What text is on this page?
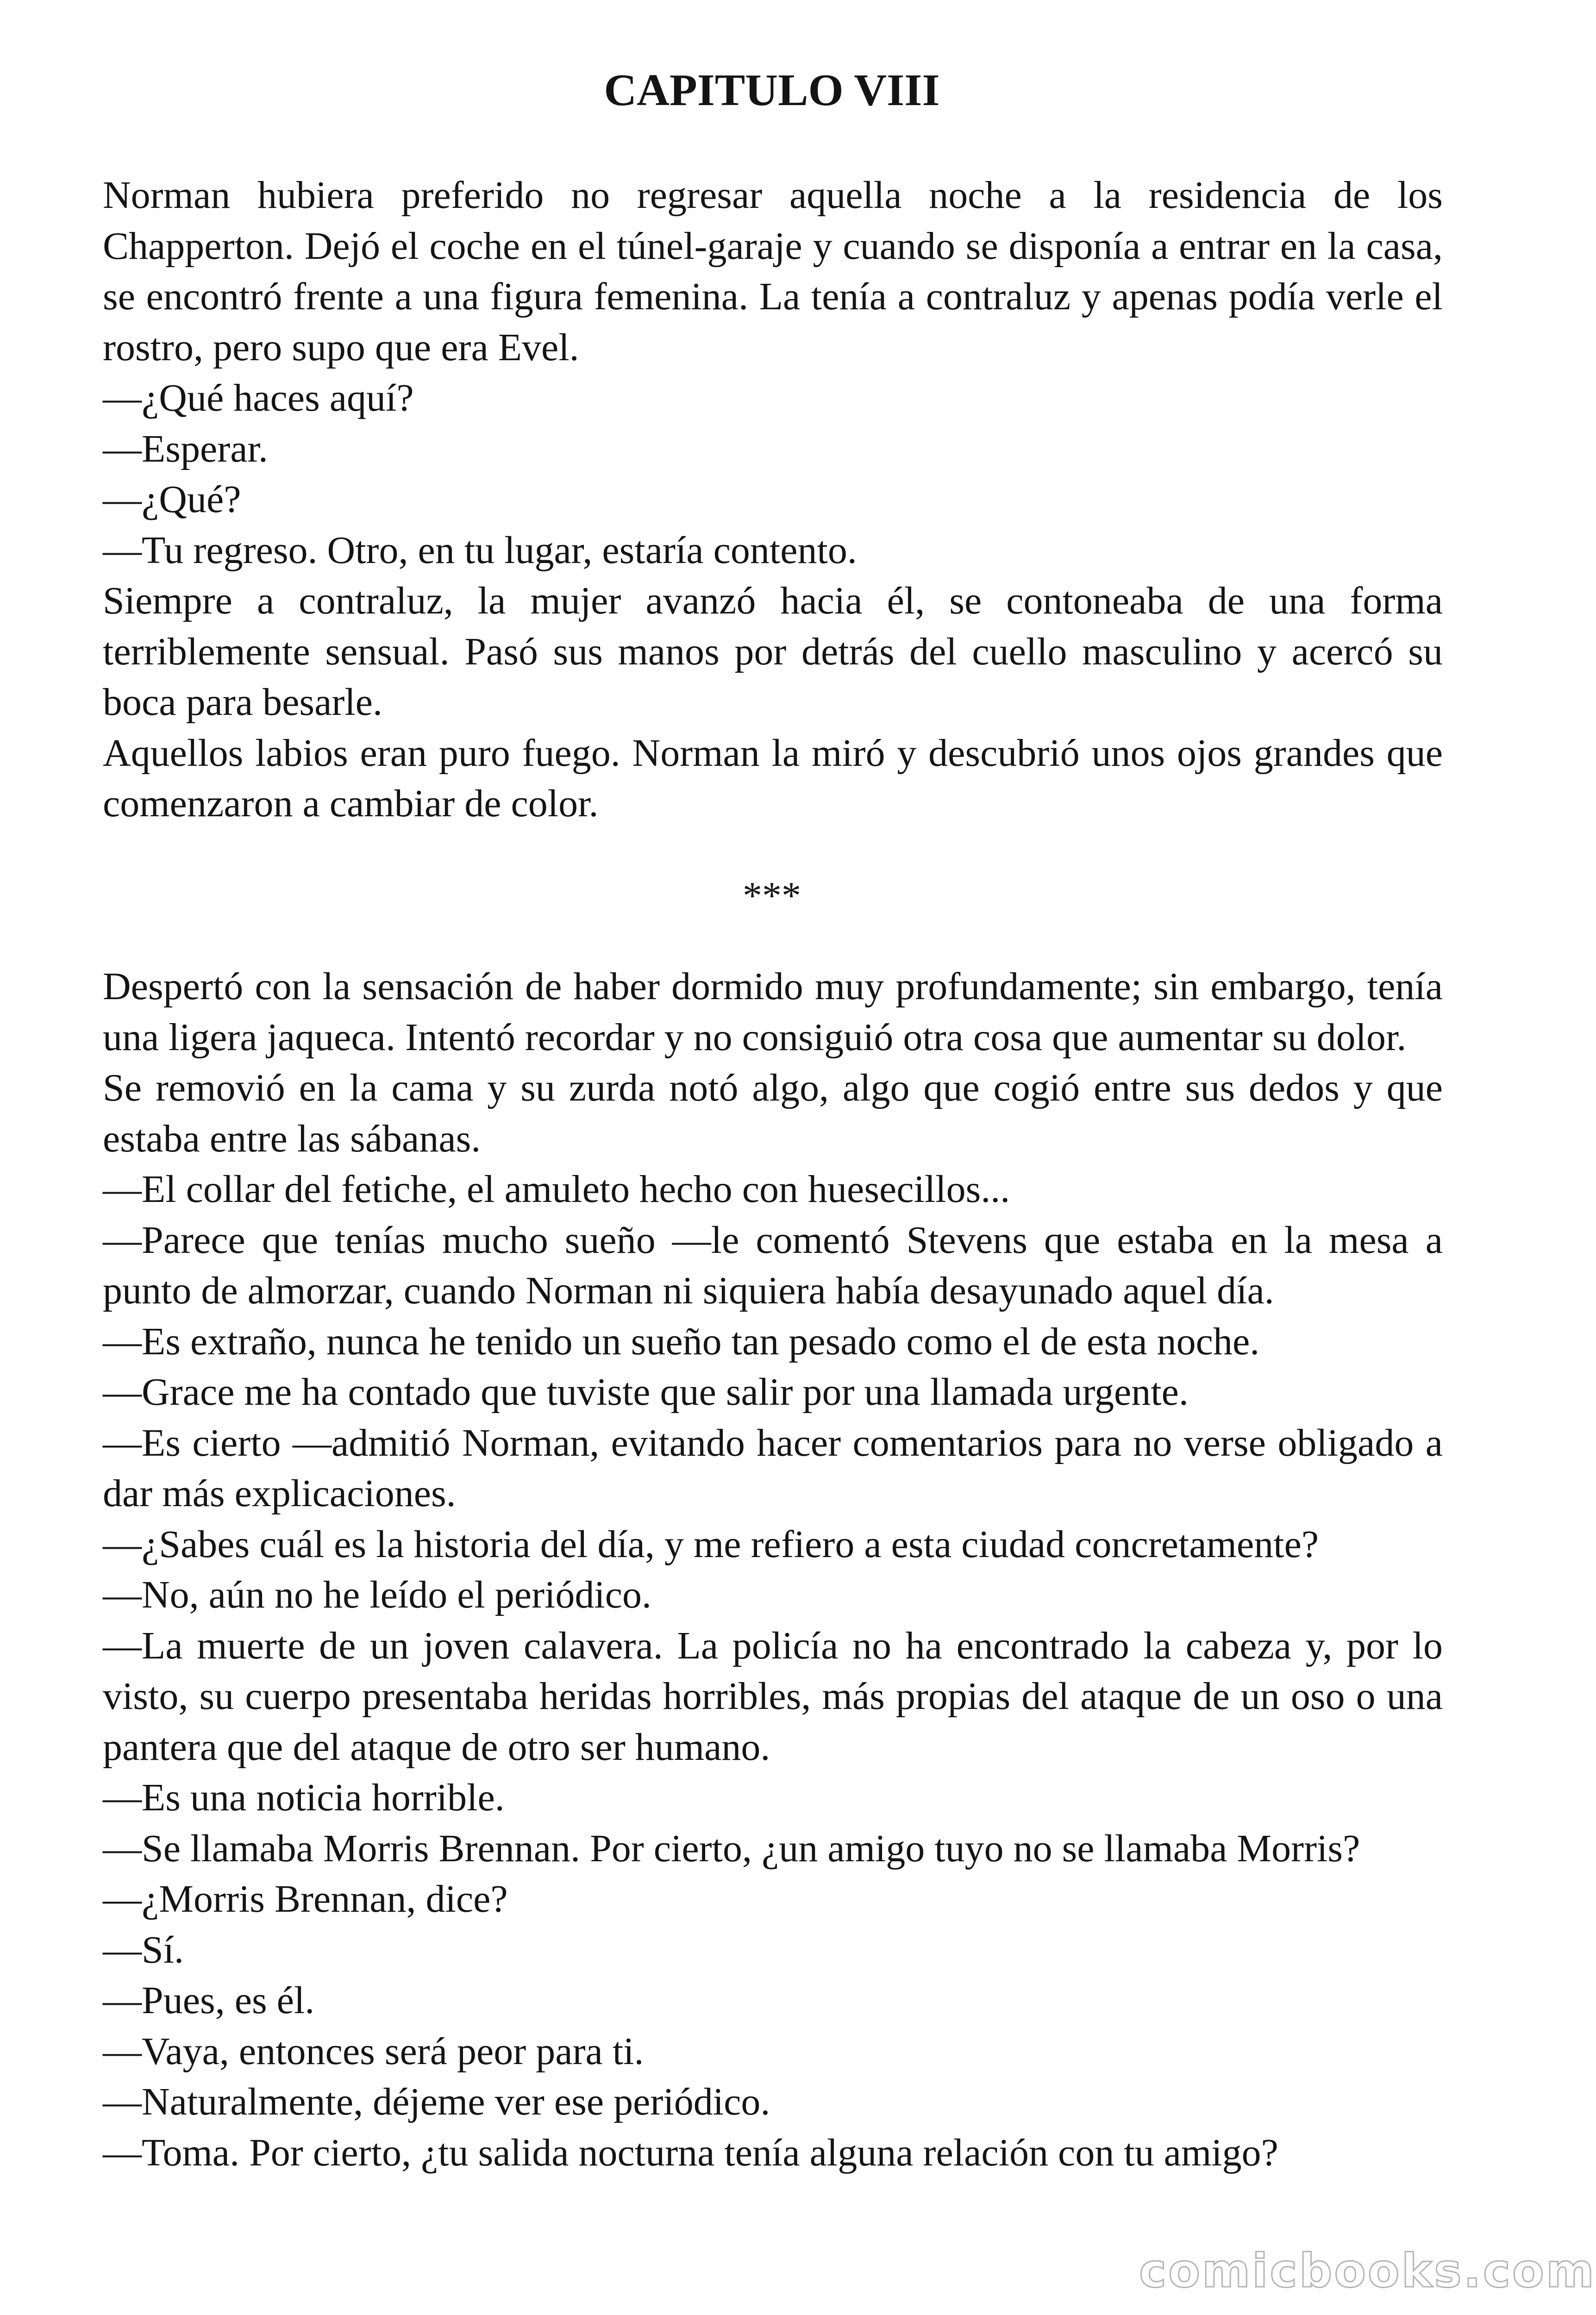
CAPITULO VIII

Norman hubiera preferido no regresar aquella noche a la residencia de los Chapperton. Dejó el coche en el túnel-garaje y cuando se disponía a entrar en la casa, se encontró frente a una figura femenina. La tenía a contraluz y apenas podía verle el rostro, pero supo que era Evel.

—¿Qué haces aquí?

—Esperar.

—¿Qué?

—Tu regreso. Otro, en tu lugar, estaría contento.

Siempre a contraluz, la mujer avanzó hacia él, se contoneaba de una forma terriblemente sensual. Pasó sus manos por detrás del cuello masculino y acercó su boca para besarle.

Aquellos labios eran puro fuego. Norman la miró y descubrió unos ojos grandes que comenzaron a cambiar de color.

***

Despertó con la sensación de haber dormido muy profundamente; sin embargo, tenía una ligera jaqueca. Intentó recordar y no consiguió otra cosa que aumentar su dolor.

Se removió en la cama y su zurda notó algo, algo que cogió entre sus dedos y que estaba entre las sábanas.

—El collar del fetiche, el amuleto hecho con huesecillos...

—Parece que tenías mucho sueño —le comentó Stevens que estaba en la mesa a punto de almorzar, cuando Norman ni siquiera había desayunado aquel día.

—Es extraño, nunca he tenido un sueño tan pesado como el de esta noche.

—Grace me ha contado que tuviste que salir por una llamada urgente.

—Es cierto —admitió Norman, evitando hacer comentarios para no verse obligado a dar más explicaciones.

—¿Sabes cuál es la historia del día, y me refiero a esta ciudad concretamente?

—No, aún no he leído el periódico.

—La muerte de un joven calavera. La policía no ha encontrado la cabeza y, por lo visto, su cuerpo presentaba heridas horribles, más propias del ataque de un oso o una pantera que del ataque de otro ser humano.

—Es una noticia horrible.

—Se llamaba Morris Brennan. Por cierto, ¿un amigo tuyo no se llamaba Morris?

—¿Morris Brennan, dice?

—Sí.

—Pues, es él.

—Vaya, entonces será peor para ti.

—Naturalmente, déjeme ver ese periódico.

—Toma. Por cierto, ¿tu salida nocturna tenía alguna relación con tu amigo?

comicbooks.com
